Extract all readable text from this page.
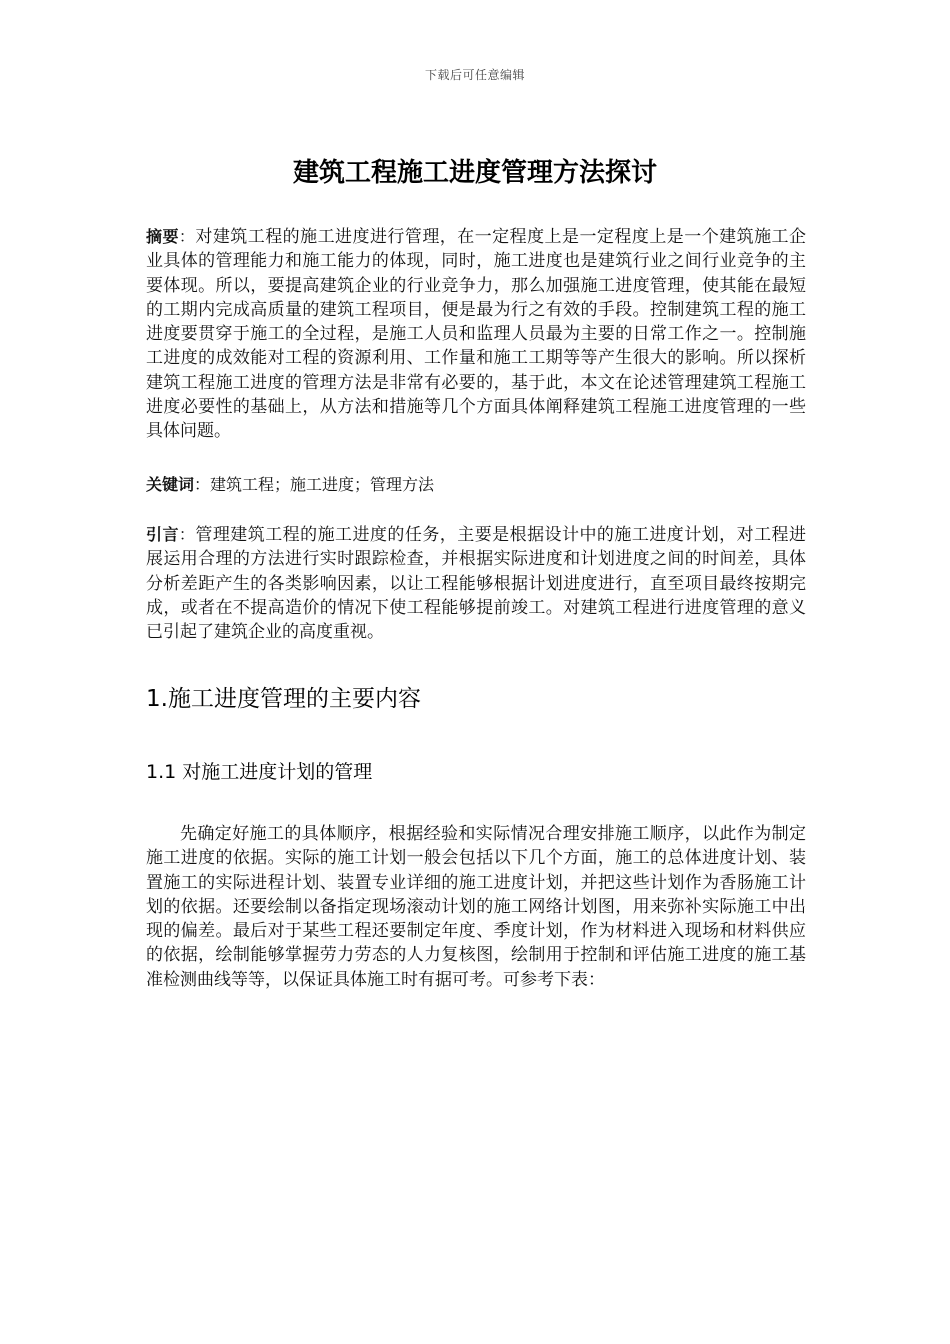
下载后可任意编辑
建筑工程施工进度管理方法探讨
摘要：对建筑工程的施工进度进行管理，在一定程度上是一定程度上是一个建筑施工企业具体的管理能力和施工能力的体现，同时，施工进度也是建筑行业之间行业竞争的主要体现。所以，要提高建筑企业的行业竞争力，那么加强施工进度管理，使其能在最短的工期内完成高质量的建筑工程项目，便是最为行之有效的手段。控制建筑工程的施工进度要贯穿于施工的全过程，是施工人员和监理人员最为主要的日常工作之一。控制施工进度的成效能对工程的资源利用、工作量和施工工期等等产生很大的影响。所以探析建筑工程施工进度的管理方法是非常有必要的，基于此，本文在论述管理建筑工程施工进度必要性的基础上，从方法和措施等几个方面具体阐释建筑工程施工进度管理的一些具体问题。
关键词：建筑工程；施工进度；管理方法
引言：管理建筑工程的施工进度的任务，主要是根据设计中的施工进度计划，对工程进展运用合理的方法进行实时跟踪检查，并根据实际进度和计划进度之间的时间差，具体分析差距产生的各类影响因素，以让工程能够根据计划进度进行，直至项目最终按期完成，或者在不提高造价的情况下使工程能够提前竣工。对建筑工程进行进度管理的意义已引起了建筑企业的高度重视。
1.施工进度管理的主要内容
1.1 对施工进度计划的管理
先确定好施工的具体顺序，根据经验和实际情况合理安排施工顺序，以此作为制定施工进度的依据。实际的施工计划一般会包括以下几个方面，施工的总体进度计划、装置施工的实际进程计划、装置专业详细的施工进度计划，并把这些计划作为香肠施工计划的依据。还要绘制以备指定现场滚动计划的施工网络计划图，用来弥补实际施工中出现的偏差。最后对于某些工程还要制定年度、季度计划，作为材料进入现场和材料供应的依据，绘制能够掌握劳力劳态的人力复核图，绘制用于控制和评估施工进度的施工基准检测曲线等等，以保证具体施工时有据可考。可参考下表：
